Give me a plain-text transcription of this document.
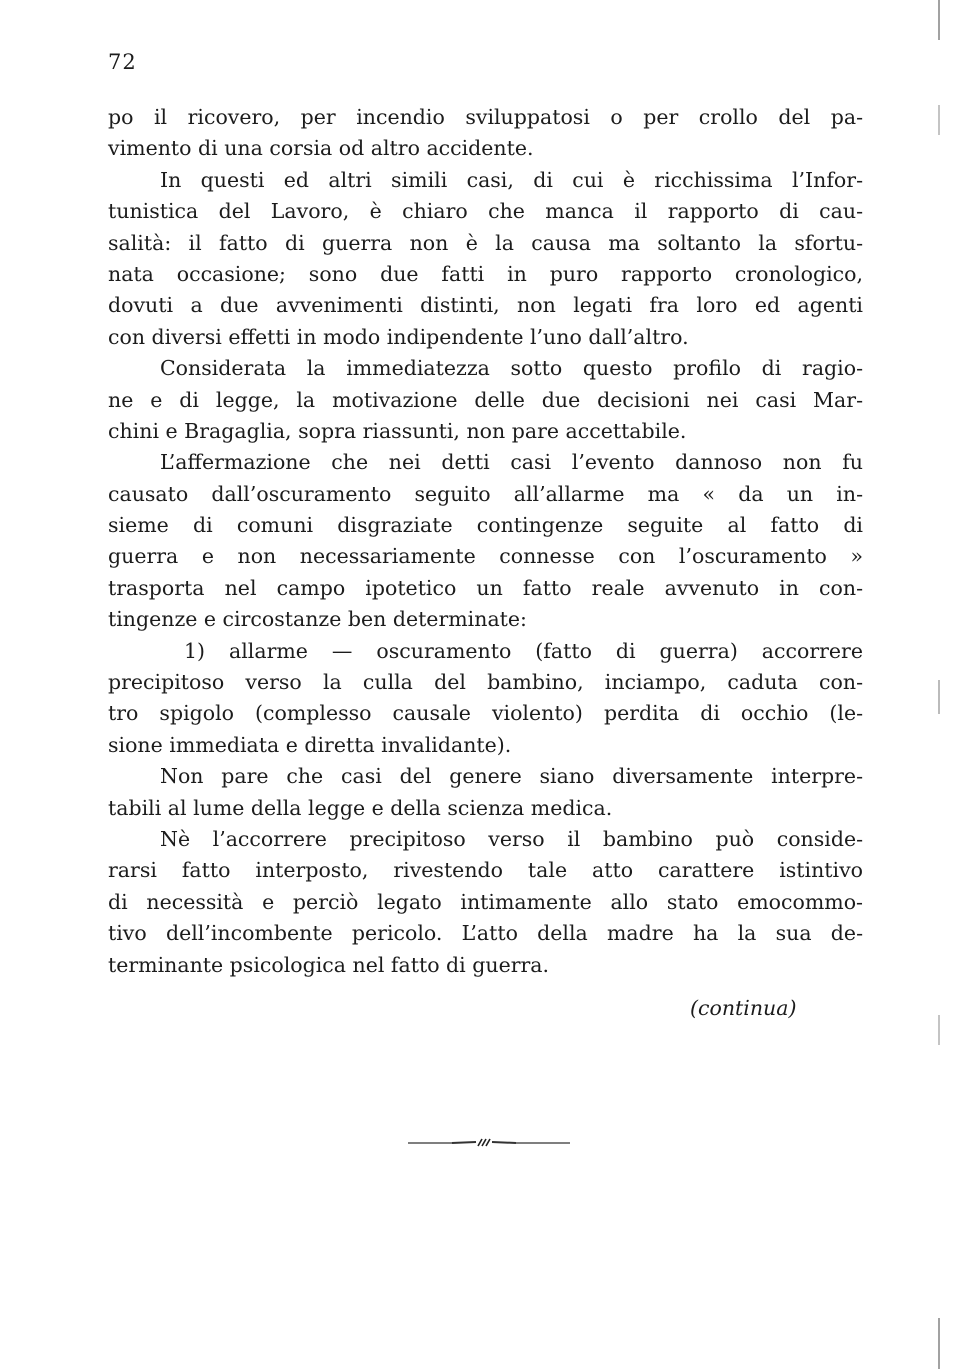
72
po il ricovero, per incendio sviluppatosi o per crollo del pa-
vimento di una corsia od altro accidente.
In questi ed altri simili casi, di cui è ricchissima l’Infor-
tunistica del Lavoro, è chiaro che manca il rapporto di cau-
salità: il fatto di guerra non è la causa ma soltanto la sfortu-
nata occasione; sono due fatti in puro rapporto cronologico,
dovuti a due avvenimenti distinti, non legati fra loro ed agenti
con diversi effetti in modo indipendente l’uno dall’altro.
Considerata la immediatezza sotto questo profilo di ragio-
ne e di legge, la motivazione delle due decisioni nei casi Mar-
chini e Bragaglia, sopra riassunti, non pare accettabile.
L’affermazione che nei detti casi l’evento dannoso non fu
causato dall’oscuramento seguito all’allarme ma « da un in-
sieme di comuni disgraziate contingenze seguite al fatto di
guerra e non necessariamente connesse con l’oscuramento »
trasporta nel campo ipotetico un fatto reale avvenuto in con-
tingenze e circostanze ben determinate:
1) allarme — oscuramento (fatto di guerra) accorrere
precipitoso verso la culla del bambino, inciampo, caduta con-
tro spigolo (complesso causale violento) perdita di occhio (le-
sione immediata e diretta invalidante).
Non pare che casi del genere siano diversamente interpre-
tabili al lume della legge e della scienza medica.
Nè l’accorrere precipitoso verso il bambino può conside-
rarsi fatto interposto, rivestendo tale atto carattere istintivo
di necessità e perciò legato intimamente allo stato emocommo-
tivo dell’incombente pericolo. L’atto della madre ha la sua de-
terminante psicologica nel fatto di guerra.
(continua)
